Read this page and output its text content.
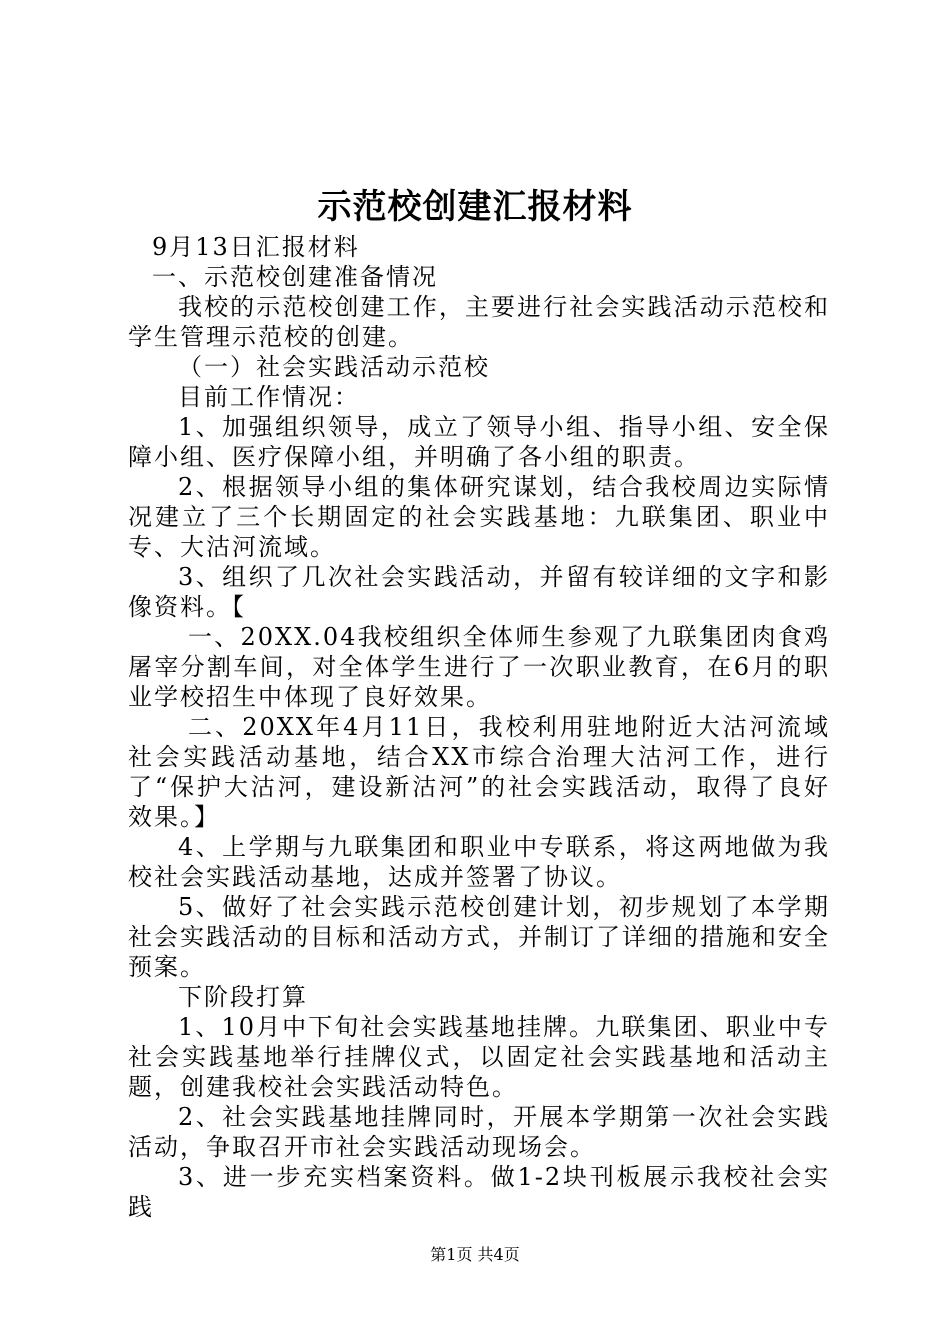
示范校创建汇报材料

9月13日汇报材料

一、示范校创建准备情况

我校的示范校创建工作，主要进行社会实践活动示范校和学生管理示范校的创建。

（一）社会实践活动示范校

目前工作情况：

1、加强组织领导，成立了领导小组、指导小组、安全保障小组、医疗保障小组，并明确了各小组的职责。

2、根据领导小组的集体研究谋划，结合我校周边实际情况建立了三个长期固定的社会实践基地：九联集团、职业中专、大沽河流域。

3、组织了几次社会实践活动，并留有较详细的文字和影像资料。【

一、20XX.04我校组织全体师生参观了九联集团肉食鸡屠宰分割车间，对全体学生进行了一次职业教育，在6月的职业学校招生中体现了良好效果。

二、20XX年4月11日，我校利用驻地附近大沽河流域社会实践活动基地，结合XX市综合治理大沽河工作，进行了“保护大沽河，建设新沽河”的社会实践活动，取得了良好效果。】

4、上学期与九联集团和职业中专联系，将这两地做为我校社会实践活动基地，达成并签署了协议。

5、做好了社会实践示范校创建计划，初步规划了本学期社会实践活动的目标和活动方式，并制订了详细的措施和安全预案。

下阶段打算

1、10月中下旬社会实践基地挂牌。九联集团、职业中专社会实践基地举行挂牌仪式，以固定社会实践基地和活动主题，创建我校社会实践活动特色。

2、社会实践基地挂牌同时，开展本学期第一次社会实践活动，争取召开市社会实践活动现场会。

3、进一步充实档案资料。做1-2块刊板展示我校社会实践

第1页 共4页
